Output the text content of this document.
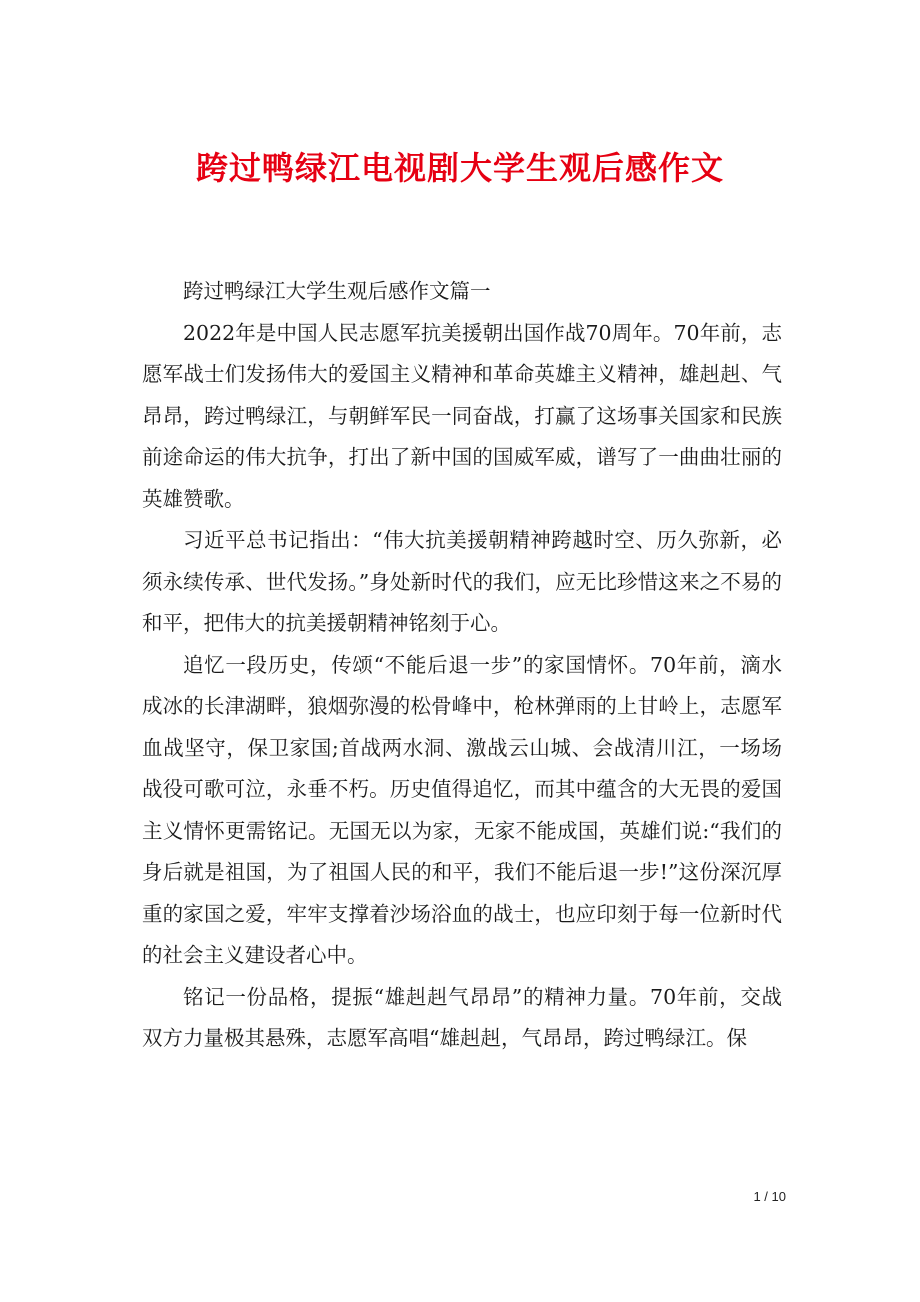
跨过鸭绿江电视剧大学生观后感作文

跨过鸭绿江大学生观后感作文篇一

2022年是中国人民志愿军抗美援朝出国作战70周年。70年前，志愿军战士们发扬伟大的爱国主义精神和革命英雄主义精神，雄赳赳、气昂昂，跨过鸭绿江，与朝鲜军民一同奋战，打赢了这场事关国家和民族前途命运的伟大抗争，打出了新中国的国威军威，谱写了一曲曲壮丽的英雄赞歌。

习近平总书记指出：“伟大抗美援朝精神跨越时空、历久弥新，必须永续传承、世代发扬。”身处新时代的我们，应无比珍惜这来之不易的和平，把伟大的抗美援朝精神铭刻于心。

追忆一段历史，传颂“不能后退一步”的家国情怀。70年前，滴水成冰的长津湖畔，狼烟弥漫的松骨峰中，枪林弹雨的上甘岭上，志愿军血战坚守，保卫家国;首战两水洞、激战云山城、会战清川江，一场场战役可歌可泣，永垂不朽。历史值得追忆，而其中蕴含的大无畏的爱国主义情怀更需铭记。无国无以为家，无家不能成国，英雄们说:“我们的身后就是祖国，为了祖国人民的和平，我们不能后退一步!”这份深沉厚重的家国之爱，牢牢支撑着沙场浴血的战士，也应印刻于每一位新时代的社会主义建设者心中。

铭记一份品格，提振“雄赳赳气昂昂”的精神力量。70年前，交战双方力量极其悬殊，志愿军高唱“雄赳赳，气昂昂，跨过鸭绿江。保

1 / 10
